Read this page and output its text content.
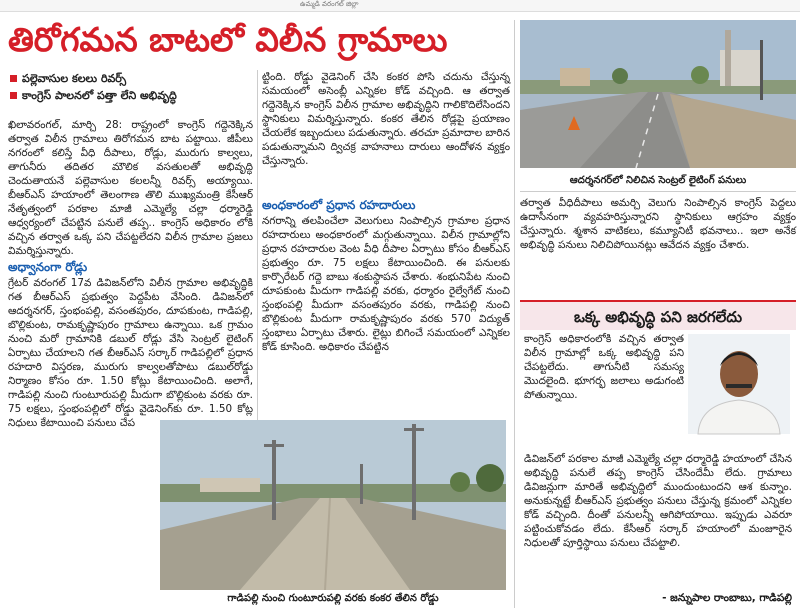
ఉమ్మడి వరంగల్ జిల్లా
తిరోగమన బాటలో విలీన గ్రామాలు
పల్లెవాసుల కలలు రివర్స్
కాంగ్రెస్ పాలనలో పత్తా లేని అభివృద్ధి

ఖిలావరంగల్, మార్చి 28: రాష్ట్రంలో కాంగ్రెస్ గద్దెనెక్కిన తర్వాత విలీన గ్రామాలు తిరోగమన బాట పట్టాయి. జీపీలు నగరంలో కలిస్తే వీధి దీపాలు, రోడ్లు, మురుగు కాల్వలు, తాగునీరు తదితర మౌలిక వసతులతో అభివృద్ధి చెందుతాయనే పల్లెవాసుల కలలన్నీ రివర్స్ అయ్యాయి. బీఆర్ఎస్ హయాంలో తెలంగాణ తొలి ముఖ్యమంత్రి కేసీఆర్ నేతృత్వంలో పరకాల మాజీ ఎమ్మెల్యే చల్లా ధర్మారెడ్డి ఆధ్వర్యంలో చేపట్టిన పనులే తప్ప.. కాంగ్రెస్ అధికారం లోకి వచ్చిన తర్వాత ఒక్క పని చేపట్టలేదని విలీన గ్రామాల ప్రజలు విమర్శిస్తున్నారు.

అధ్వానంగా రోడ్లు

గ్రేటర్ వరంగల్ 17వ డివిజన్‌లోని విలీన గ్రామాల అభివృద్ధికి గత బీఆర్ఎస్ ప్రభుత్వం పెద్దపీట వేసింది. డివిజన్‌లో ఆదర్శనగర్, స్తంభంపల్లి, వసంతపురం, దూపకుంట, గాడిపల్లి, బొల్లికుంట, రామకృష్ణాపురం గ్రామాలు ఉన్నాయి. ఒక గ్రామం నుంచి మరో గ్రామానికి డబుల్ రోడ్లు వేసి సెంట్రల్ లైటింగ్ ఏర్పాటు చేయాలని గత బీఆర్ఎస్ సర్కార్ గాడిపల్లిలో ప్రధాన రహదారి విస్తరణ, మురుగు కాల్వలతోపాటు డబుల్‌రోడ్డు నిర్మాణం కోసం రూ. 1.50 కోట్లు కేటాయించింది. అలాగే, గాడిపల్లి నుంచి గుంటూరుపల్లి మీదుగా బొల్లికుంట వరకు రూ. 75 లక్షలు, స్తంభంపల్లిలో రోడ్డు వైడెనింగ్‌కు రూ. 1.50 కోట్ల నిధులు కేటాయించి పనులు చేప

ట్టింది. రోడ్డు వైడెనింగ్ చేసి కంకర పోసి చదును చేస్తున్న సమయంలో అసెంబ్లీ ఎన్నికల కోడ్ వచ్చింది. ఆ తర్వాత గద్దెనెక్కిన కాంగ్రెస్ విలీన గ్రామాల అభివృద్ధిని గాలికొదిలేసిందని స్థానికులు విమర్శిస్తున్నారు. కంకర తేలిన రోడ్లపై ప్రయాణం చేయలేక ఇబ్బందులు పడుతున్నారు. తరచూ ప్రమాదాల బారిన పడుతున్నామని ద్విచక్ర వాహనాలు దారులు ఆందోళన వ్యక్తం చేస్తున్నారు.

అంధకారంలో ప్రధాన రహదారులు

నగరాన్ని తలపించేలా వెలుగులు నింపాల్సిన గ్రామాల ప్రధాన రహదారులు అంధకారంలో మగ్గుతున్నాయి. విలీన గ్రామాల్లోని ప్రధాన రహదారుల వెంట వీధి దీపాల ఏర్పాటు కోసం బీఆర్ఎస్ ప్రభుత్వం రూ. 75 లక్షలు కేటాయించింది. ఈ పనులకు కార్పొరేటర్ గద్దె బాబు శంకుస్థాపన చేశారు. శంభునిపేట నుంచి దూపకుంట మీదుగా గాడిపల్లి వరకు, ధర్మారం రైల్వేగేట్ నుంచి స్తంభంపల్లి మీదుగా వసంతపురం వరకు, గాడిపల్లి నుంచి బొల్లికుంట మీదుగా రామకృష్ణాపురం వరకు 570 విద్యుత్ స్తంభాలు ఏర్పాటు చేశారు. లైట్లు బిగించే సమయంలో ఎన్నికల కోడ్ కూసింది. అధికారం చేపట్టిన

ఆదర్శనగర్‌లో నిలిచిన సెంట్రల్ లైటింగ్ పనులు

తర్వాత వీధిదీపాలు అమర్చి వెలుగు నింపాల్సిన కాంగ్రెస్ పెద్దలు ఉదాసీనంగా వ్యవహరిస్తున్నారని స్థానికులు ఆగ్రహం వ్యక్తం చేస్తున్నారు. శ్మశాన వాటికలు, కమ్యూనిటీ భవనాలు.. ఇలా అనేక అభివృద్ధి పనులు నిలిచిపోయినట్లు ఆవేదన వ్యక్తం చేశారు.

గాడిపల్లి నుంచి గుంటూరుపల్లి వరకు కంకర తేలిన రోడ్డు
ఒక్క అభివృద్ధి పని జరగలేదు

కాంగ్రెస్ అధికారంలోకి వచ్చిన తర్వాత విలీన గ్రామాల్లో ఒక్క అభివృద్ధి పని చేపట్టలేదు. తాగునీటి సమస్య మొదలైంది. భూగర్భ జలాలు అడుగంటి పోతున్నాయి.

డివిజన్‌లో పరకాల మాజీ ఎమ్మెల్యే చల్లా ధర్మారెడ్డి హయాంలో చేసిన అభివృద్ధి పనులే తప్ప కాంగ్రెస్ చేసిందేమీ లేదు. గ్రామాలు డివిజన్లుగా మారితే అభివృద్ధిలో ముందుంటుందని ఆశ కున్నాం. అనుకున్నట్టే బీఆర్ఎస్ ప్రభుత్వం పనులు చేస్తున్న క్రమంలో ఎన్నికల కోడ్ వచ్చింది. దీంతో పనులన్నీ ఆగిపోయాయి. ఇప్పుడు ఎవరూ పట్టించుకోవడం లేదు. కేసీఆర్ సర్కార్ హయాంలో మంజూరైన నిధులతో పూర్తిస్థాయి పనులు చేపట్టాలి.

- జన్నుపాల రాంబాబు, గాడిపల్లి
